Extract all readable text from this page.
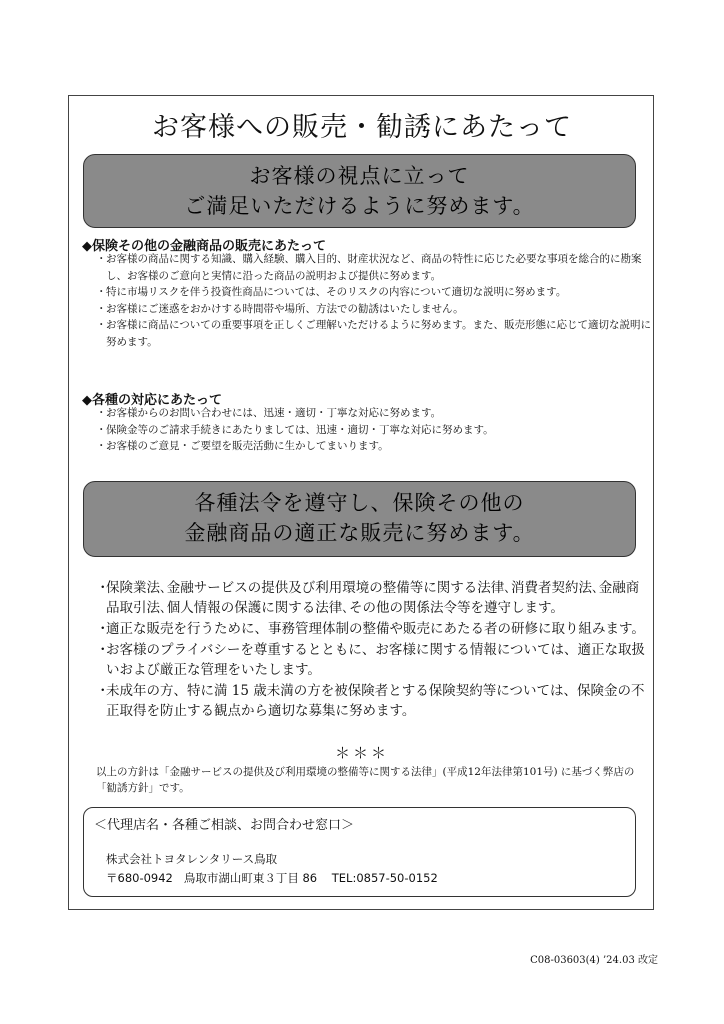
お客様への販売・勧誘にあたって
お客様の視点に立って
ご満足いただけるように努めます。
◆保険その他の金融商品の販売にあたって
・ お客様の商品に関する知識、購入経験、購入目的、財産状況など、商品の特性に応じた必要な事項を総合的に勘案し、お客様のご意向と実情に沿った商品の説明および提供に努めます。
・ 特に市場リスクを伴う投資性商品については、そのリスクの内容について適切な説明に努めます。
・ お客様にご迷惑をおかけする時間帯や場所、方法での勧誘はいたしません。
・ お客様に商品についての重要事項を正しくご理解いただけるように努めます。また、販売形態に応じて適切な説明に努めます。
◆各種の対応にあたって
・ お客様からのお問い合わせには、迅速・適切・丁寧な対応に努めます。
・ 保険金等のご請求手続きにあたりましては、迅速・適切・丁寧な対応に努めます。
・ お客様のご意見・ご要望を販売活動に生かしてまいります。
各種法令を遵守し、保険その他の
金融商品の適正な販売に努めます。
・
保険業法､金融サービスの提供及び利用環境の整備等に関する法律､消費者契約法､金融商品取引法､個人情報の保護に関する法律､その他の関係法令等を遵守します。
・
適正な販売を行うために、事務管理体制の整備や販売にあたる者の研修に取り組みます。
・
お客様のプライバシーを尊重するとともに、お客様に関する情報については、適正な取扱いおよび厳正な管理をいたします。
・
未成年の方、特に満 15 歳未満の方を被保険者とする保険契約等については、保険金の不正取得を防止する観点から適切な募集に努めます。
＊＊＊
以上の方針は「金融サービスの提供及び利用環境の整備等に関する法律」(平成12年法律第101号) に基づく弊店の「勧誘方針」です。
＜代理店名・各種ご相談、お問合わせ窓口＞
株式会社トヨタレンタリース鳥取
〒680-0942   鳥取市湖山町東３丁目 86    TEL:0857-50-0152
C08-03603(4) ’24.03 改定
